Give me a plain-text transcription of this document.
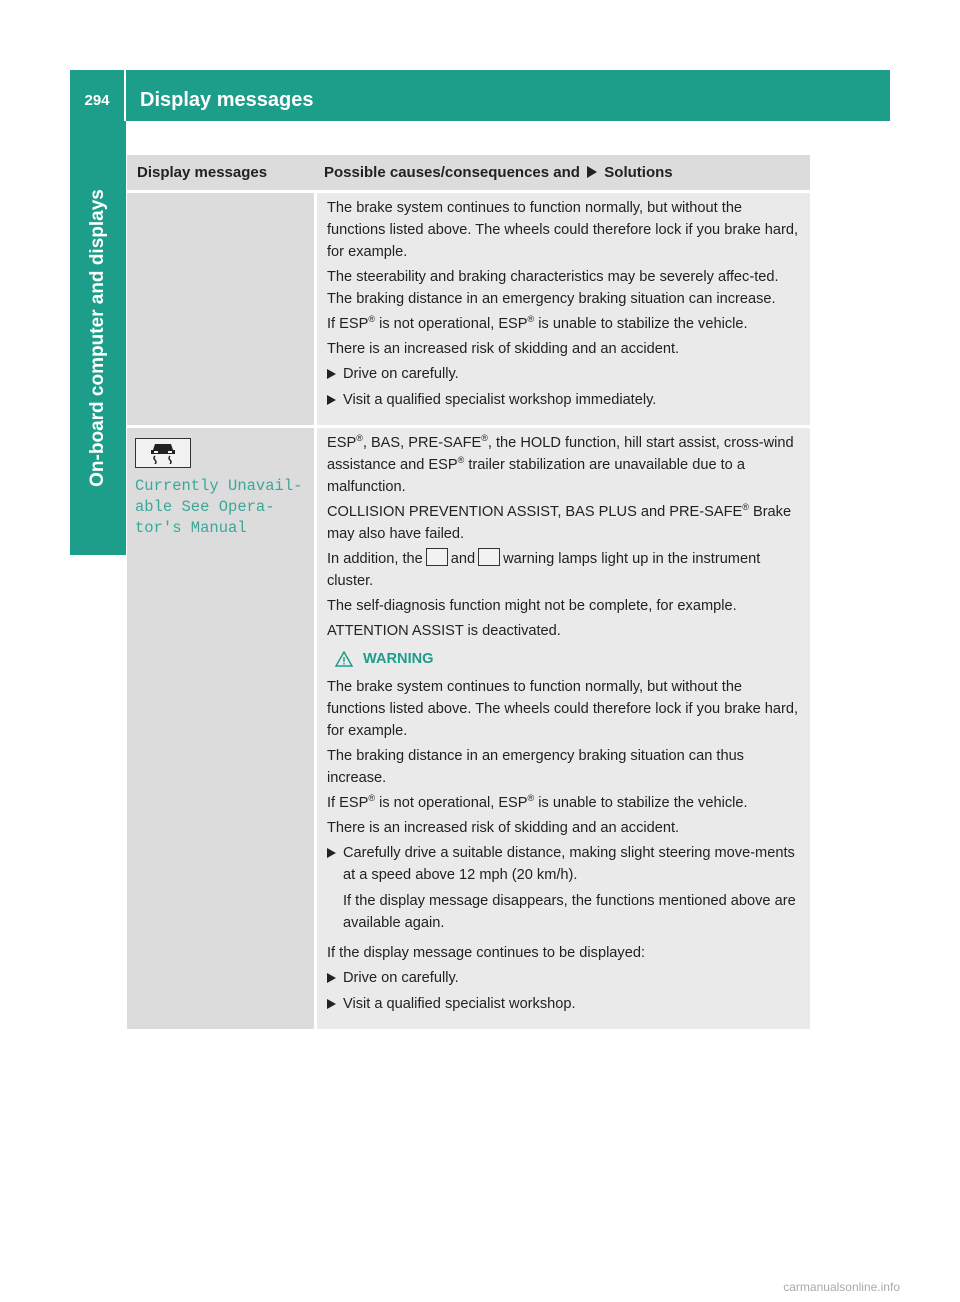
294	Display messages
On-board computer and displays
Display messages	Possible causes/consequences and Solutions

The brake system continues to function normally, but without the functions listed above. The wheels could therefore lock if you brake hard, for example.

The steerability and braking characteristics may be severely affec-ted. The braking distance in an emergency braking situation can increase.

If ESP® is not operational, ESP® is unable to stabilize the vehicle.

There is an increased risk of skidding and an accident.

Drive on carefully.
Visit a qualified specialist workshop immediately.
Currently Unavail‐
able See Opera‐
tor's Manual

ESP®, BAS, PRE-SAFE®, the HOLD function, hill start assist, cross-wind assistance and ESP® trailer stabilization are unavailable due to a malfunction.

COLLISION PREVENTION ASSIST, BAS PLUS and PRE-SAFE® Brake may also have failed.

In addition, the and warning lamps light up in the instrument cluster.

The self-diagnosis function might not be complete, for example.

ATTENTION ASSIST is deactivated.

WARNING

The brake system continues to function normally, but without the functions listed above. The wheels could therefore lock if you brake hard, for example.

The braking distance in an emergency braking situation can thus increase.

If ESP® is not operational, ESP® is unable to stabilize the vehicle.

There is an increased risk of skidding and an accident.

Carefully drive a suitable distance, making slight steering move-ments at a speed above 12 mph (20 km/h).
If the display message disappears, the functions mentioned above are available again.

If the display message continues to be displayed:

Drive on carefully.
Visit a qualified specialist workshop.
carmanualsonline.info
